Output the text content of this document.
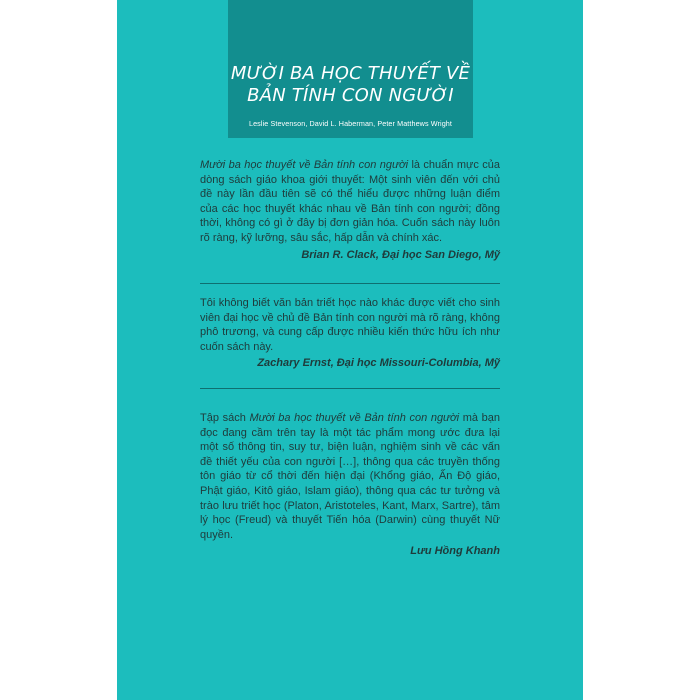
MƯỜI BA HỌC THUYẾT VỀ
BẢN TÍNH CON NGƯỜI
Leslie Stevenson, David L. Haberman, Peter Matthews Wright

Mười ba học thuyết về Bản tính con người là chuẩn mực của dòng sách giáo khoa giới thuyết: Một sinh viên đến với chủ đề này lần đầu tiên sẽ có thể hiểu được những luận điểm của các học thuyết khác nhau về Bản tính con người; đồng thời, không có gì ở đây bị đơn giản hóa. Cuốn sách này luôn rõ ràng, kỹ lưỡng, sâu sắc, hấp dẫn và chính xác.

Brian R. Clack, Đại học San Diego, Mỹ

Tôi không biết văn bản triết học nào khác được viết cho sinh viên đại học về chủ đề Bản tính con người mà rõ ràng, không phô trương, và cung cấp được nhiều kiến thức hữu ích như cuốn sách này.

Zachary Ernst, Đại học Missouri-Columbia, Mỹ

Tập sách Mười ba học thuyết về Bản tính con người mà bạn đọc đang cầm trên tay là một tác phẩm mong ước đưa lại một số thông tin, suy tư, biện luận, nghiệm sinh về các vấn đề thiết yếu của con người […], thông qua các truyền thống tôn giáo từ cổ thời đến hiện đại (Khổng giáo, Ấn Độ giáo, Phật giáo, Kitô giáo, Islam giáo), thông qua các tư tưởng và trào lưu triết học (Platon, Aristoteles, Kant, Marx, Sartre), tâm lý học (Freud) và thuyết Tiến hóa (Darwin) cùng thuyết Nữ quyền.

Lưu Hồng Khanh
